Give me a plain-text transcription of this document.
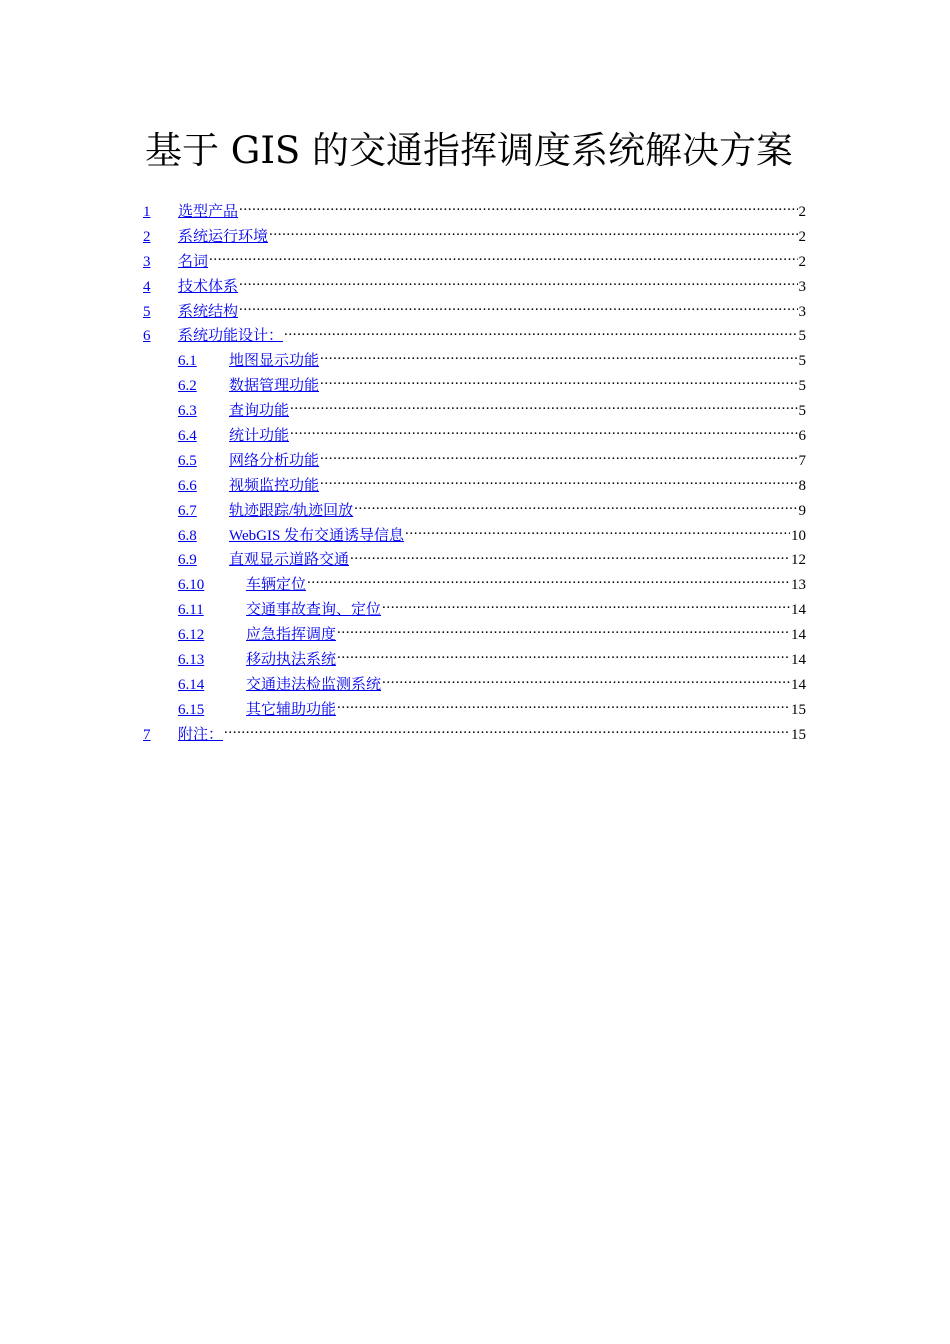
基于 GIS 的交通指挥调度系统解决方案
1	选型产品 .....	2
2	系统运行环境 .....	2
3	名词 .....	2
4	技术体系 .....	3
5	系统结构 .....	3
6	系统功能设计： .....	5
6.1	地图显示功能 .....	5
6.2	数据管理功能 .....	5
6.3	查询功能 .....	5
6.4	统计功能 .....	6
6.5	网络分析功能 .....	7
6.6	视频监控功能 .....	8
6.7	轨迹跟踪/轨迹回放 .....	9
6.8	WebGIS 发布交通诱导信息 .....	10
6.9	直观显示道路交通 .....	12
6.10	车辆定位 .....	13
6.11	交通事故查询、定位 .....	14
6.12	应急指挥调度 .....	14
6.13	移动执法系统 .....	14
6.14	交通违法检监测系统 .....	14
6.15	其它辅助功能 .....	15
7	附注： .....	15
